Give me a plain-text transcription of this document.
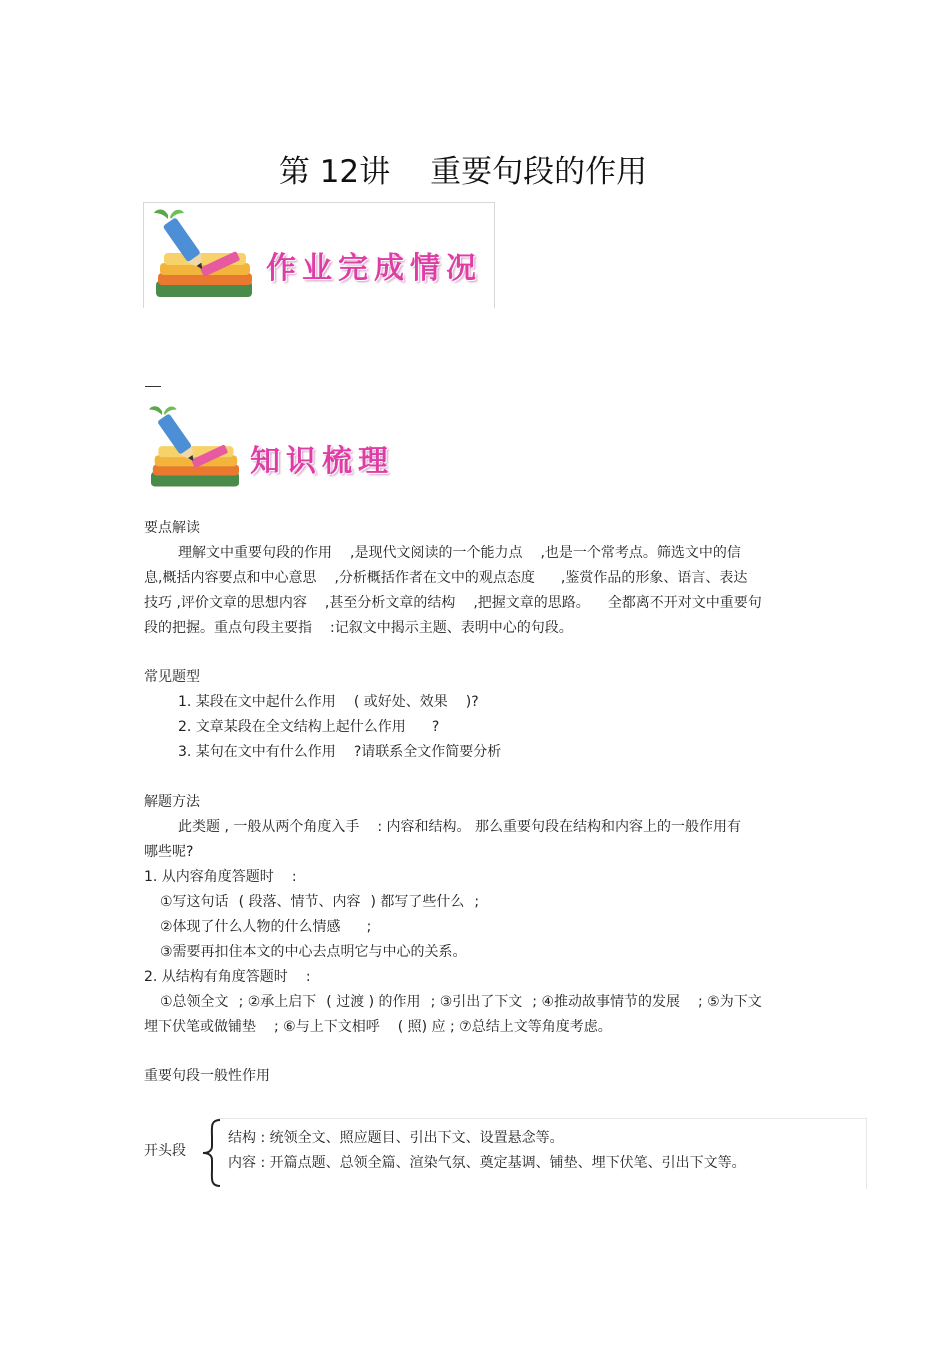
第 12讲 重要句段的作用
作业完成情况
知识梳理
要点解读
理解文中重要句段的作用 ,是现代文阅读的一个能力点 ,也是一个常考点。筛选文中的信
息,概括内容要点和中心意思 ,分析概括作者在文中的观点态度 ,鉴赏作品的形象、语言、表达
技巧 ,评价文章的思想内容 ,甚至分析文章的结构 ,把握文章的思路。 全都离不开对文中重要句
段的把握。重点句段主要指 :记叙文中揭示主题、表明中心的句段。
常见题型
1. 某段在文中起什么作用 ( 或好处、效果 )?
2. 文章某段在全文结构上起什么作用 ?
3. 某句在文中有什么作用 ?请联系全文作简要分析
解题方法
此类题 , 一般从两个角度入手 : 内容和结构。 那么重要句段在结构和内容上的一般作用有
哪些呢?
1. 从内容角度答题时 :
①写这句话 ( 段落、情节、内容 ) 都写了些什么 ;
②体现了什么人物的什么情感 ;
③需要再扣住本文的中心去点明它与中心的关系。
2. 从结构有角度答题时 :
①总领全文 ; ②承上启下 ( 过渡 ) 的作用 ; ③引出了下文 ; ④推动故事情节的发展 ; ⑤为下文
埋下伏笔或做铺垫 ; ⑥与上下文相呼 ( 照) 应 ; ⑦总结上文等角度考虑。
重要句段一般性作用
开头段
结构 : 统领全文、照应题目、引出下文、设置悬念等。
内容 : 开篇点题、总领全篇、渲染气氛、奠定基调、铺垫、埋下伏笔、引出下文等。
